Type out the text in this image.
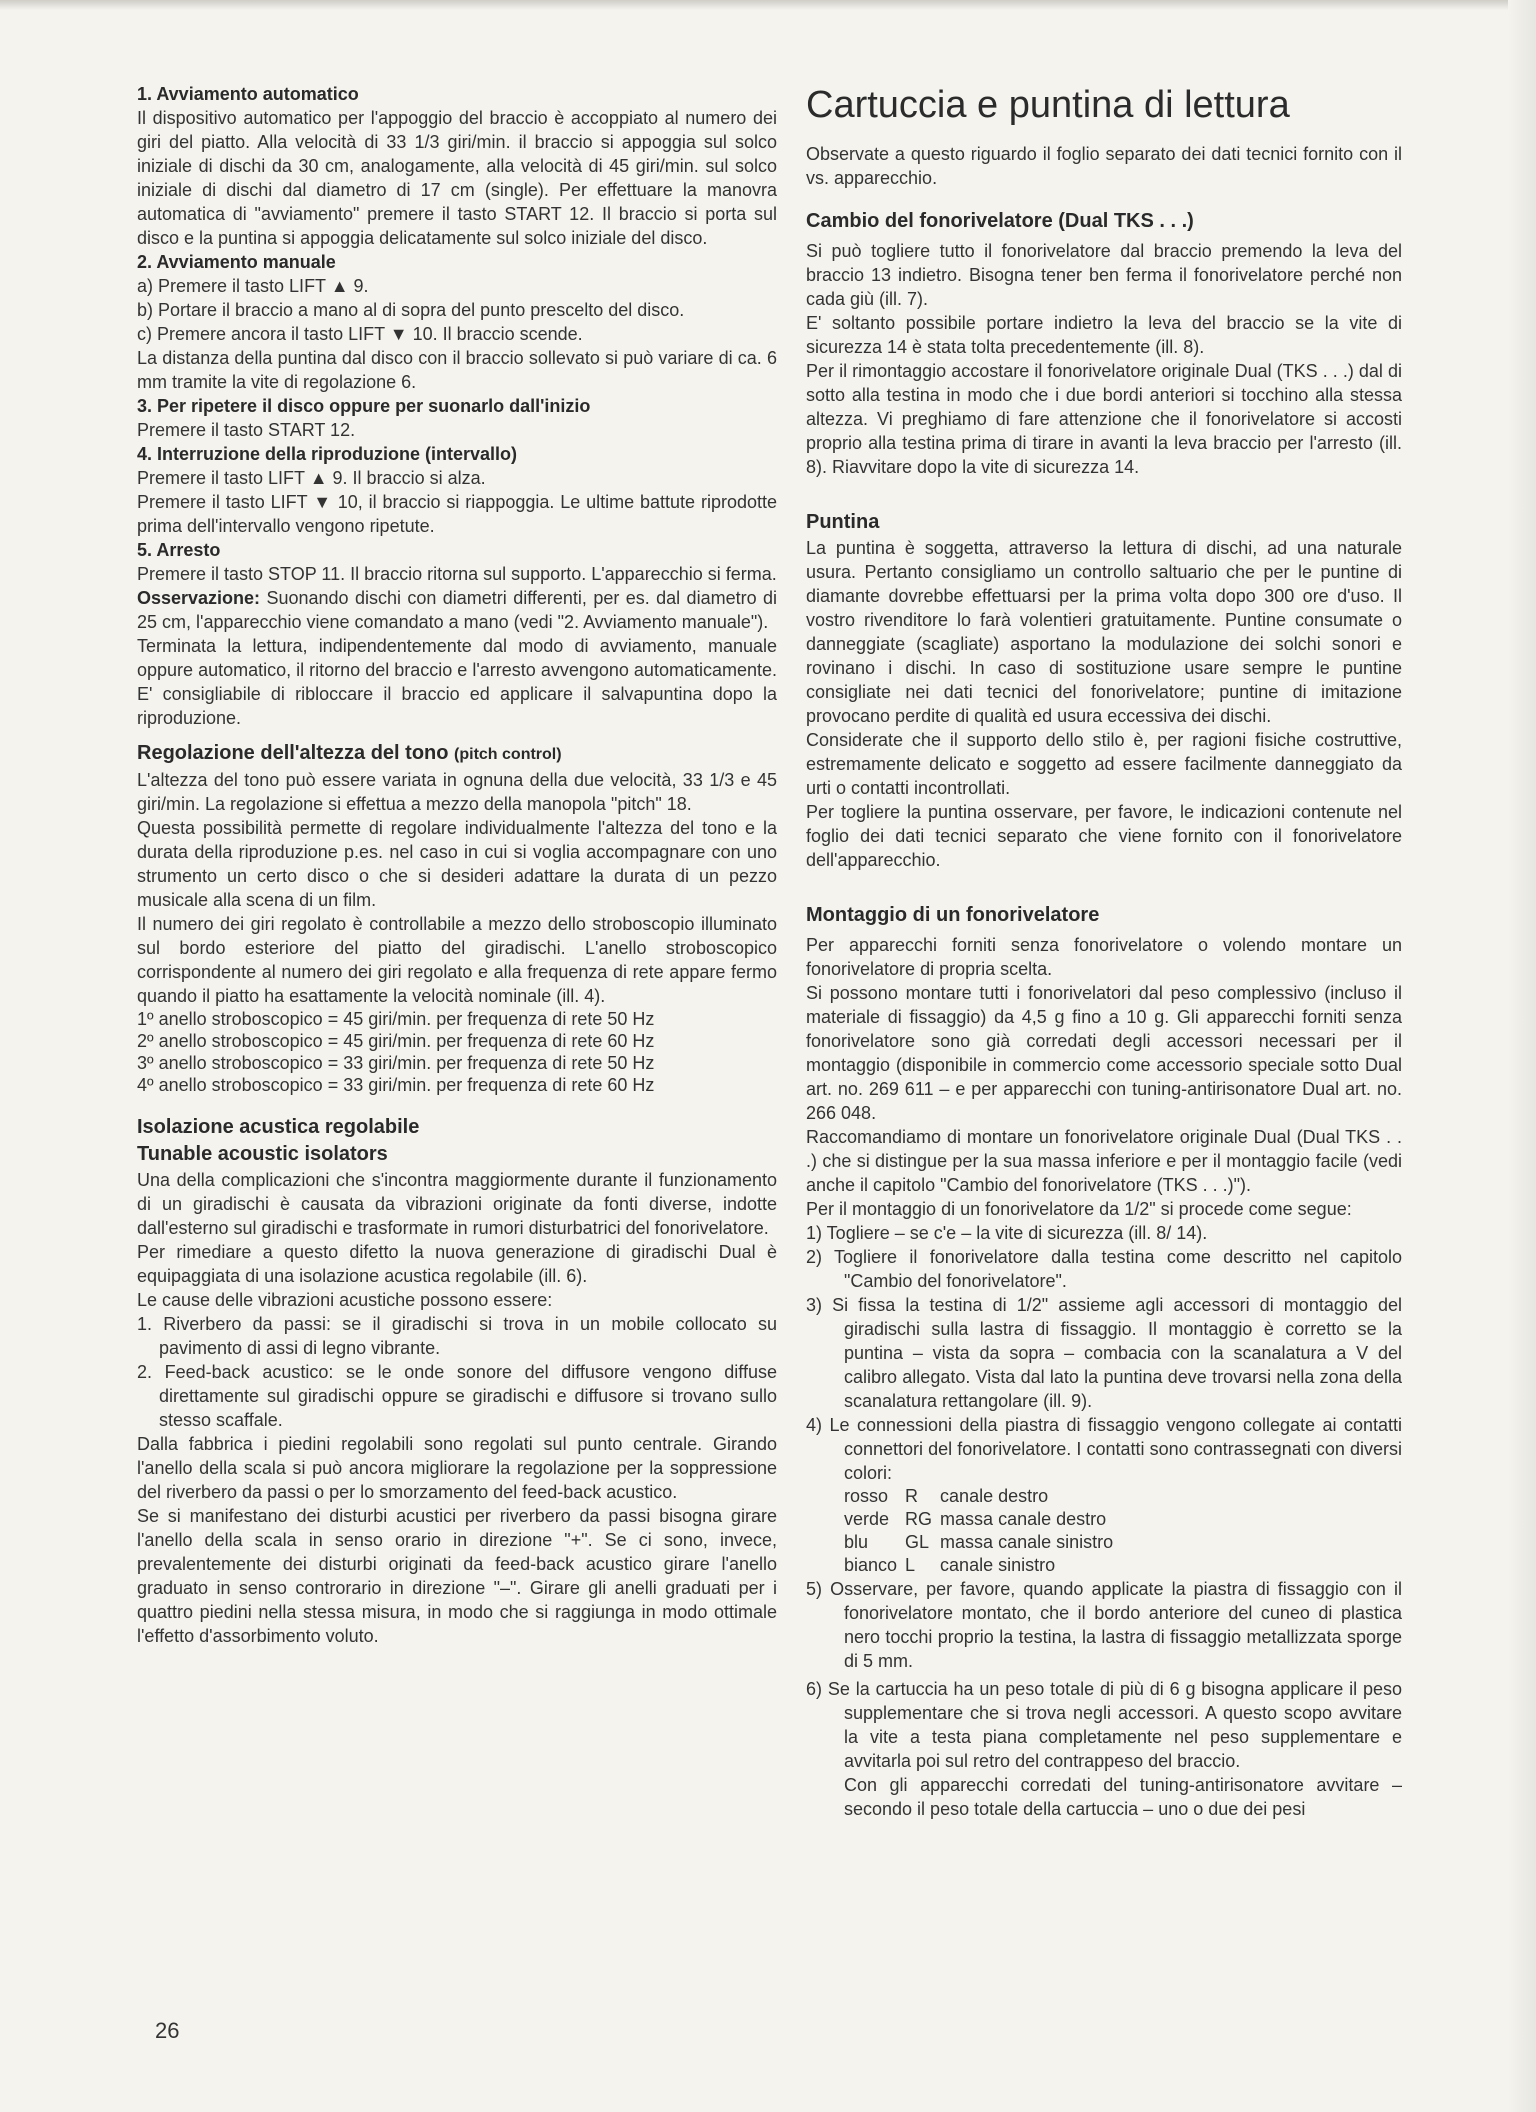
1. Avviamento automatico

Il dispositivo automatico per l'appoggio del braccio è accoppiato al numero dei giri del piatto. Alla velocità di 33 1/3 giri/min. il braccio si appoggia sul solco iniziale di dischi da 30 cm, analogamente, alla velocità di 45 giri/min. sul solco iniziale di dischi dal diametro di 17 cm (single). Per effettuare la manovra automatica di "avviamento" premere il tasto START 12. Il braccio si porta sul disco e la puntina si appoggia delicatamente sul solco iniziale del disco.

2. Avviamento manuale

a) Premere il tasto LIFT ▲ 9.

b) Portare il braccio a mano al di sopra del punto prescelto del disco.

c) Premere ancora il tasto LIFT ▼ 10. Il braccio scende.

La distanza della puntina dal disco con il braccio sollevato si può variare di ca. 6 mm tramite la vite di regolazione 6.

3. Per ripetere il disco oppure per suonarlo dall'inizio

Premere il tasto START 12.

4. Interruzione della riproduzione (intervallo)

Premere il tasto LIFT ▲ 9. Il braccio si alza.

Premere il tasto LIFT ▼ 10, il braccio si riappoggia. Le ultime battute riprodotte prima dell'intervallo vengono ripetute.

5. Arresto

Premere il tasto STOP 11. Il braccio ritorna sul supporto. L'apparecchio si ferma.

Osservazione: Suonando dischi con diametri differenti, per es. dal diametro di 25 cm, l'apparecchio viene comandato a mano (vedi "2. Avviamento manuale").

Terminata la lettura, indipendentemente dal modo di avviamento, manuale oppure automatico, il ritorno del braccio e l'arresto avvengono automaticamente. E' consigliabile di ribloccare il braccio ed applicare il salvapuntina dopo la riproduzione.

Regolazione dell'altezza del tono (pitch control)

L'altezza del tono può essere variata in ognuna della due velocità, 33 1/3 e 45 giri/min. La regolazione si effettua a mezzo della manopola "pitch" 18.

Questa possibilità permette di regolare individualmente l'altezza del tono e la durata della riproduzione p.es. nel caso in cui si voglia accompagnare con uno strumento un certo disco o che si desideri adattare la durata di un pezzo musicale alla scena di un film.

Il numero dei giri regolato è controllabile a mezzo dello stroboscopio illuminato sul bordo esteriore del piatto del giradischi. L'anello stroboscopico corrispondente al numero dei giri regolato e alla frequenza di rete appare fermo quando il piatto ha esattamente la velocità nominale (ill. 4).

1º anello stroboscopico = 45 giri/min. per frequenza di rete 50 Hz

2º anello stroboscopico = 45 giri/min. per frequenza di rete 60 Hz

3º anello stroboscopico = 33 giri/min. per frequenza di rete 50 Hz

4º anello stroboscopico = 33 giri/min. per frequenza di rete 60 Hz

Isolazione acustica regolabile
Tunable acoustic isolators

Una della complicazioni che s'incontra maggiormente durante il funzionamento di un giradischi è causata da vibrazioni originate da fonti diverse, indotte dall'esterno sul giradischi e trasformate in rumori disturbatrici del fonorivelatore.

Per rimediare a questo difetto la nuova generazione di giradischi Dual è equipaggiata di una isolazione acustica regolabile (ill. 6).

Le cause delle vibrazioni acustiche possono essere:

1. Riverbero da passi: se il giradischi si trova in un mobile collocato su pavimento di assi di legno vibrante.

2. Feed-back acustico: se le onde sonore del diffusore vengono diffuse direttamente sul giradischi oppure se giradischi e diffusore si trovano sullo stesso scaffale.

Dalla fabbrica i piedini regolabili sono regolati sul punto centrale. Girando l'anello della scala si può ancora migliorare la regolazione per la soppressione del riverbero da passi o per lo smorzamento del feed-back acustico.

Se si manifestano dei disturbi acustici per riverbero da passi bisogna girare l'anello della scala in senso orario in direzione "+". Se ci sono, invece, prevalentemente dei disturbi originati da feed-back acustico girare l'anello graduato in senso controrario in direzione "–". Girare gli anelli graduati per i quattro piedini nella stessa misura, in modo che si raggiunga in modo ottimale l'effetto d'assorbimento voluto.

Cartuccia e puntina di lettura

Observate a questo riguardo il foglio separato dei dati tecnici fornito con il vs. apparecchio.

Cambio del fonorivelatore (Dual TKS . . .)

Si può togliere tutto il fonorivelatore dal braccio premendo la leva del braccio 13 indietro. Bisogna tener ben ferma il fonorivelatore perché non cada giù (ill. 7).

E' soltanto possibile portare indietro la leva del braccio se la vite di sicurezza 14 è stata tolta precedentemente (ill. 8).

Per il rimontaggio accostare il fonorivelatore originale Dual (TKS . . .) dal di sotto alla testina in modo che i due bordi anteriori si tocchino alla stessa altezza. Vi preghiamo di fare attenzione che il fonorivelatore si accosti proprio alla testina prima di tirare in avanti la leva braccio per l'arresto (ill. 8). Riavvitare dopo la vite di sicurezza 14.

Puntina

La puntina è soggetta, attraverso la lettura di dischi, ad una naturale usura. Pertanto consigliamo un controllo saltuario che per le puntine di diamante dovrebbe effettuarsi per la prima volta dopo 300 ore d'uso. Il vostro rivenditore lo farà volentieri gratuitamente. Puntine consumate o danneggiate (scagliate) asportano la modulazione dei solchi sonori e rovinano i dischi. In caso di sostituzione usare sempre le puntine consigliate nei dati tecnici del fonorivelatore; puntine di imitazione provocano perdite di qualità ed usura eccessiva dei dischi.

Considerate che il supporto dello stilo è, per ragioni fisiche costruttive, estremamente delicato e soggetto ad essere facilmente danneggiato da urti o contatti incontrollati.

Per togliere la puntina osservare, per favore, le indicazioni contenute nel foglio dei dati tecnici separato che viene fornito con il fonorivelatore dell'apparecchio.

Montaggio di un fonorivelatore

Per apparecchi forniti senza fonorivelatore o volendo montare un fonorivelatore di propria scelta.

Si possono montare tutti i fonorivelatori dal peso complessivo (incluso il materiale di fissaggio) da 4,5 g fino a 10 g. Gli apparecchi forniti senza fonorivelatore sono già corredati degli accessori necessari per il montaggio (disponibile in commercio come accessorio speciale sotto Dual art. no. 269 611 – e per apparecchi con tuning-antirisonatore Dual art. no. 266 048.

Raccomandiamo di montare un fonorivelatore originale Dual (Dual TKS . . .) che si distingue per la sua massa inferiore e per il montaggio facile (vedi anche il capitolo "Cambio del fonorivelatore (TKS . . .)").

Per il montaggio di un fonorivelatore da 1/2" si procede come segue:

1) Togliere – se c'e – la vite di sicurezza (ill. 8/ 14).

2) Togliere il fonorivelatore dalla testina come descritto nel capitolo "Cambio del fonorivelatore".

3) Si fissa la testina di 1/2" assieme agli accessori di montaggio del giradischi sulla lastra di fissaggio. Il montaggio è corretto se la puntina – vista da sopra – combacia con la scanalatura a V del calibro allegato. Vista dal lato la puntina deve trovarsi nella zona della scanalatura rettangolare (ill. 9).

4) Le connessioni della piastra di fissaggio vengono collegate ai contatti connettori del fonorivelatore. I contatti sono contrassegnati con diversi colori:

rosso	R	canale destro
verde	RG	massa canale destro
blu	GL	massa canale sinistro
bianco	L	canale sinistro

5) Osservare, per favore, quando applicate la piastra di fissaggio con il fonorivelatore montato, che il bordo anteriore del cuneo di plastica nero tocchi proprio la testina, la lastra di fissaggio metallizzata sporge di 5 mm.

6) Se la cartuccia ha un peso totale di più di 6 g bisogna applicare il peso supplementare che si trova negli accessori. A questo scopo avvitare la vite a testa piana completamente nel peso supplementare e avvitarla poi sul retro del contrappeso del braccio.

Con gli apparecchi corredati del tuning-antirisonatore avvitare – secondo il peso totale della cartuccia – uno o due dei pesi

26
